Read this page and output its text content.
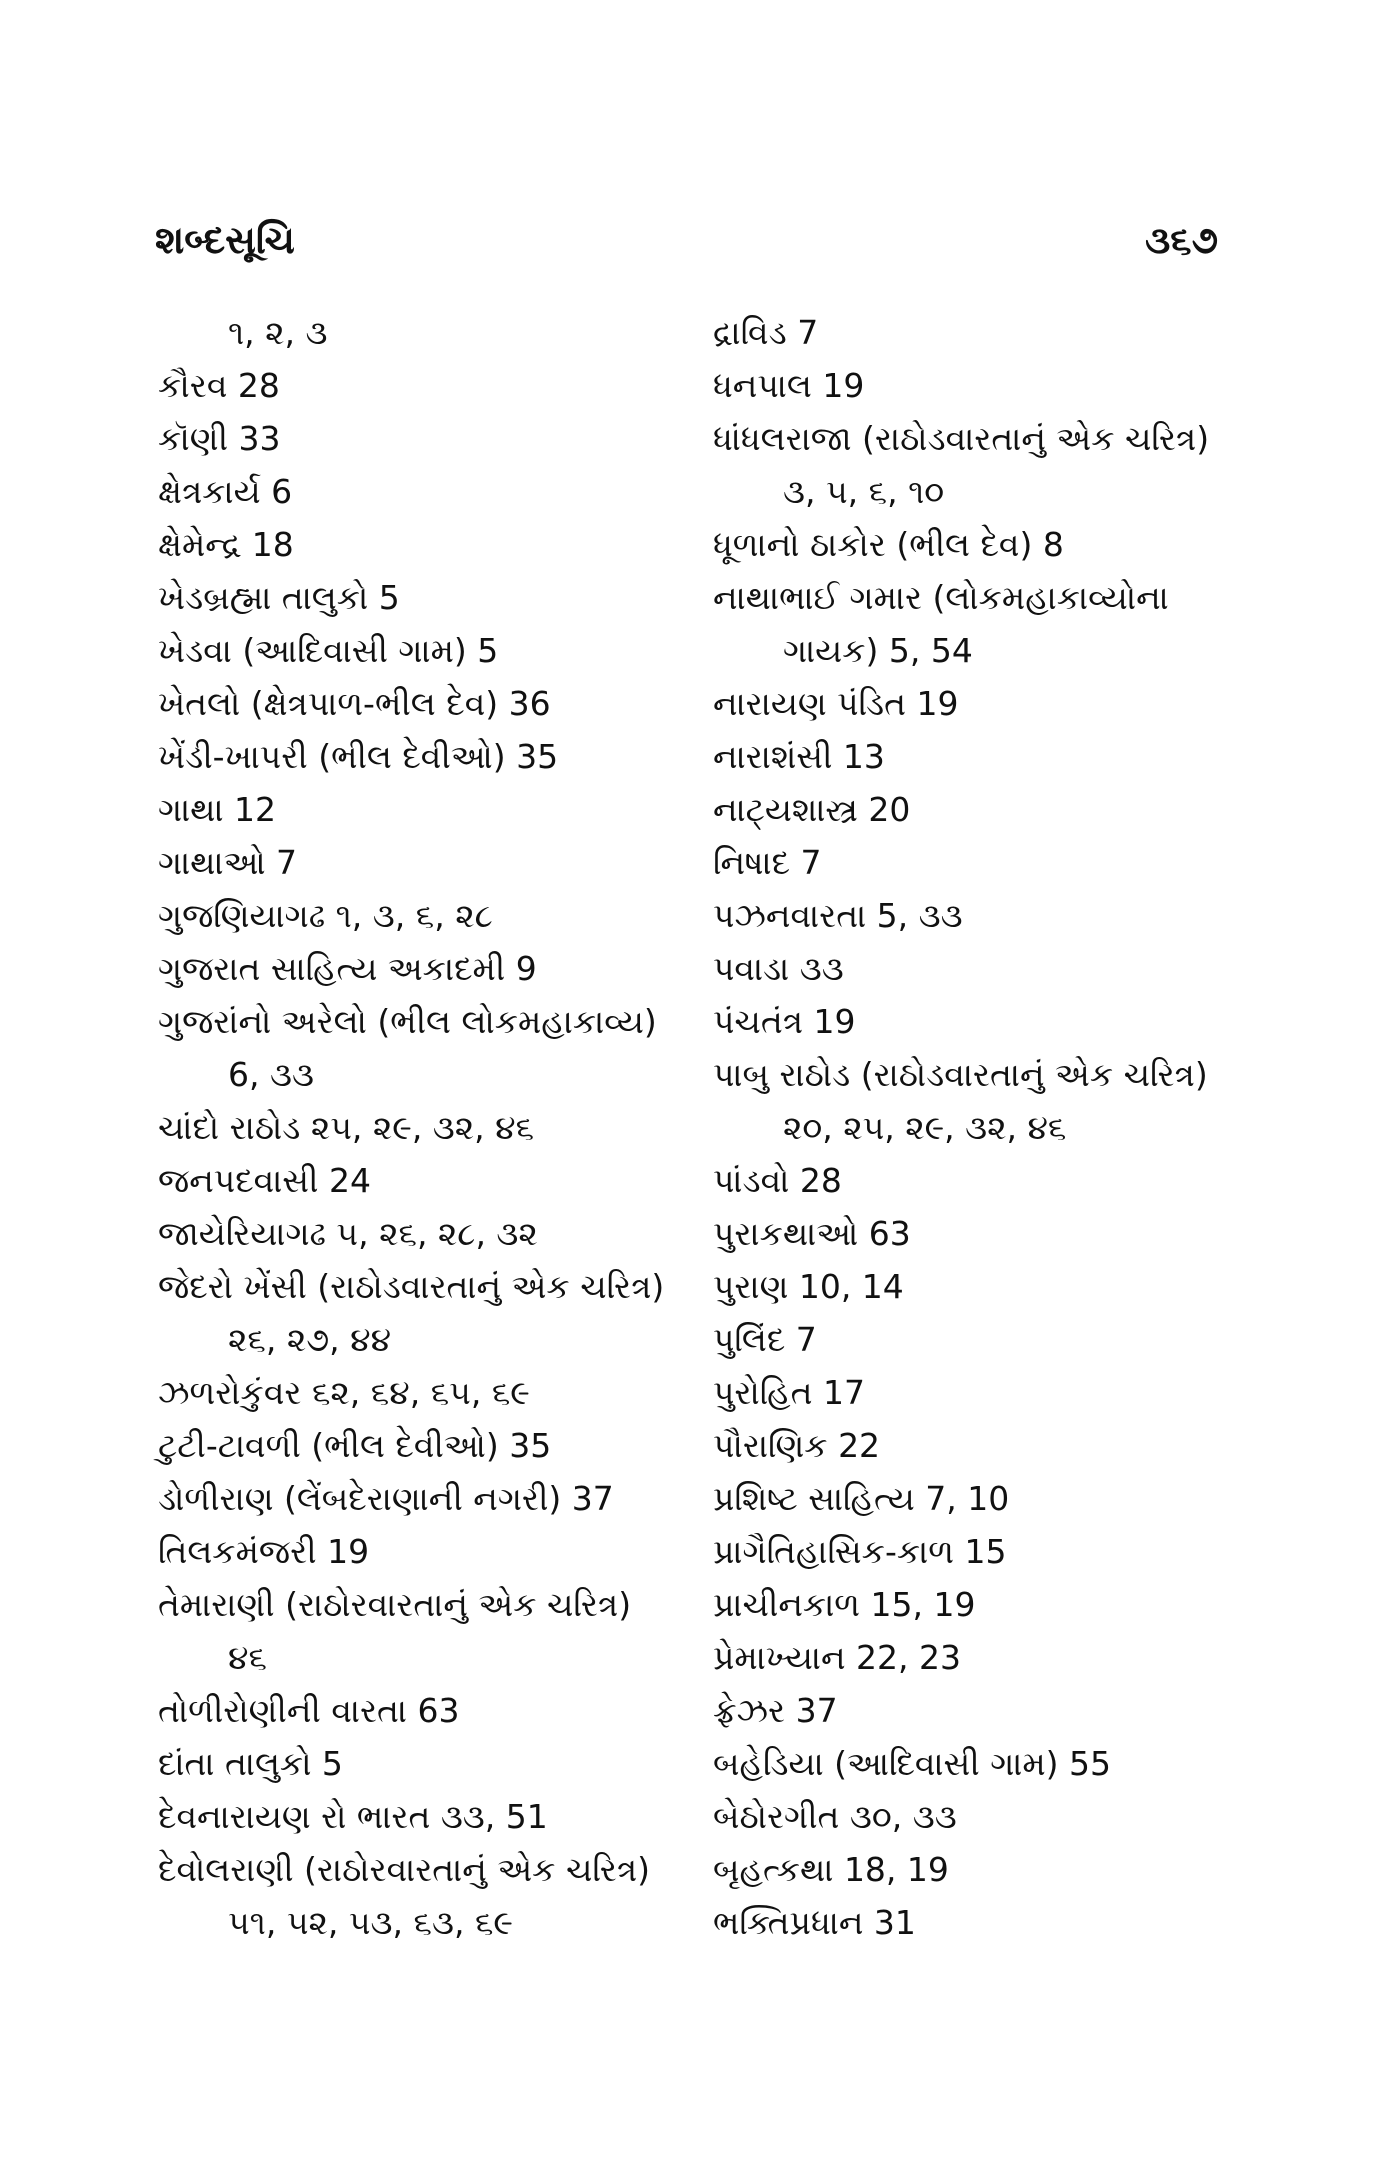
શબ્દસૂચિ	૩૬૭
૧, ૨, ૩
કૌરવ 28
કૉણી 33
ક્ષેત્રકાર્ય 6
ક્ષેમેન્દ્ર 18
ખેડબ્રહ્મા તાલુકો 5
ખેડવા (આદિવાસી ગામ) 5
ખેતલો (ક્ષેત્રપાળ-ભીલ દેવ) 36
ખેંડી-ખાપરી (ભીલ દેવીઓ) 35
ગાથા 12
ગાથાઓ 7
ગુજણિયાગઢ ૧, ૩, ૬, ૨૮
ગુજરાત સાહિત્ય અકાદમી 9
ગુજરાંનો અરેલો (ભીલ લોકમહાકાવ્ય)
6, ૩૩
ચાંદો રાઠોડ ૨૫, ૨૯, ૩૨, ૪૬
જનપદવાસી 24
જાયેરિયાગઢ ૫, ૨૬, ૨૮, ૩૨
જેદરો ખેંસી (રાઠોડવારતાનું એક ચરિત્ર)
૨૬, ૨૭, ૪૪
ઝળરોકુંવર ૬૨, ૬૪, ૬૫, ૬૯
ટુટી-ટાવળી (ભીલ દેવીઓ) 35
ડોળીરાણ (લેંબદેરાણાની નગરી) 37
તિલકમંજરી 19
તેમારાણી (રાઠોરવારતાનું એક ચરિત્ર)
૪૬
તોળીરોણીની વારતા 63
દાંતા તાલુકો 5
દેવનારાયણ રો ભારત ૩૩, 51
દેવોલરાણી (રાઠોરવારતાનું એક ચરિત્ર)
૫૧, ૫૨, ૫૩, ૬૩, ૬૯
દ્રાવિડ 7
ધનપાલ 19
ધાંધલરાજા (રાઠોડવારતાનું એક ચરિત્ર)
૩, ૫, ૬, ૧૦
ધૂળાનો ઠાકોર (ભીલ દેવ) 8
નાથાભાઈ ગમાર (લોકમહાકાવ્યોના
ગાયક) 5, 54
નારાયણ પંડિત 19
નારાશંસી 13
નાટ્યશાસ્ત્ર 20
નિષાદ 7
પઝનવારતા 5, ૩૩
પવાડા ૩૩
પંચતંત્ર 19
પાબુ રાઠોડ (રાઠોડવારતાનું એક ચરિત્ર)
૨૦, ૨૫, ૨૯, ૩૨, ૪૬
પાંડવો 28
પુરાકથાઓ 63
પુરાણ 10, 14
પુલિંદ 7
પુરોહિત 17
પૌરાણિક 22
પ્રશિષ્ટ સાહિત્ય 7, 10
પ્રાગૈતિહાસિક-કાળ 15
પ્રાચીનકાળ 15, 19
પ્રેમાખ્યાન 22, 23
ફ્રેઝર 37
બહેડિયા (આદિવાસી ગામ) 55
બેઠોરગીત ૩૦, ૩૩
બૃહત્કથા 18, 19
ભક્તિપ્રધાન 31
